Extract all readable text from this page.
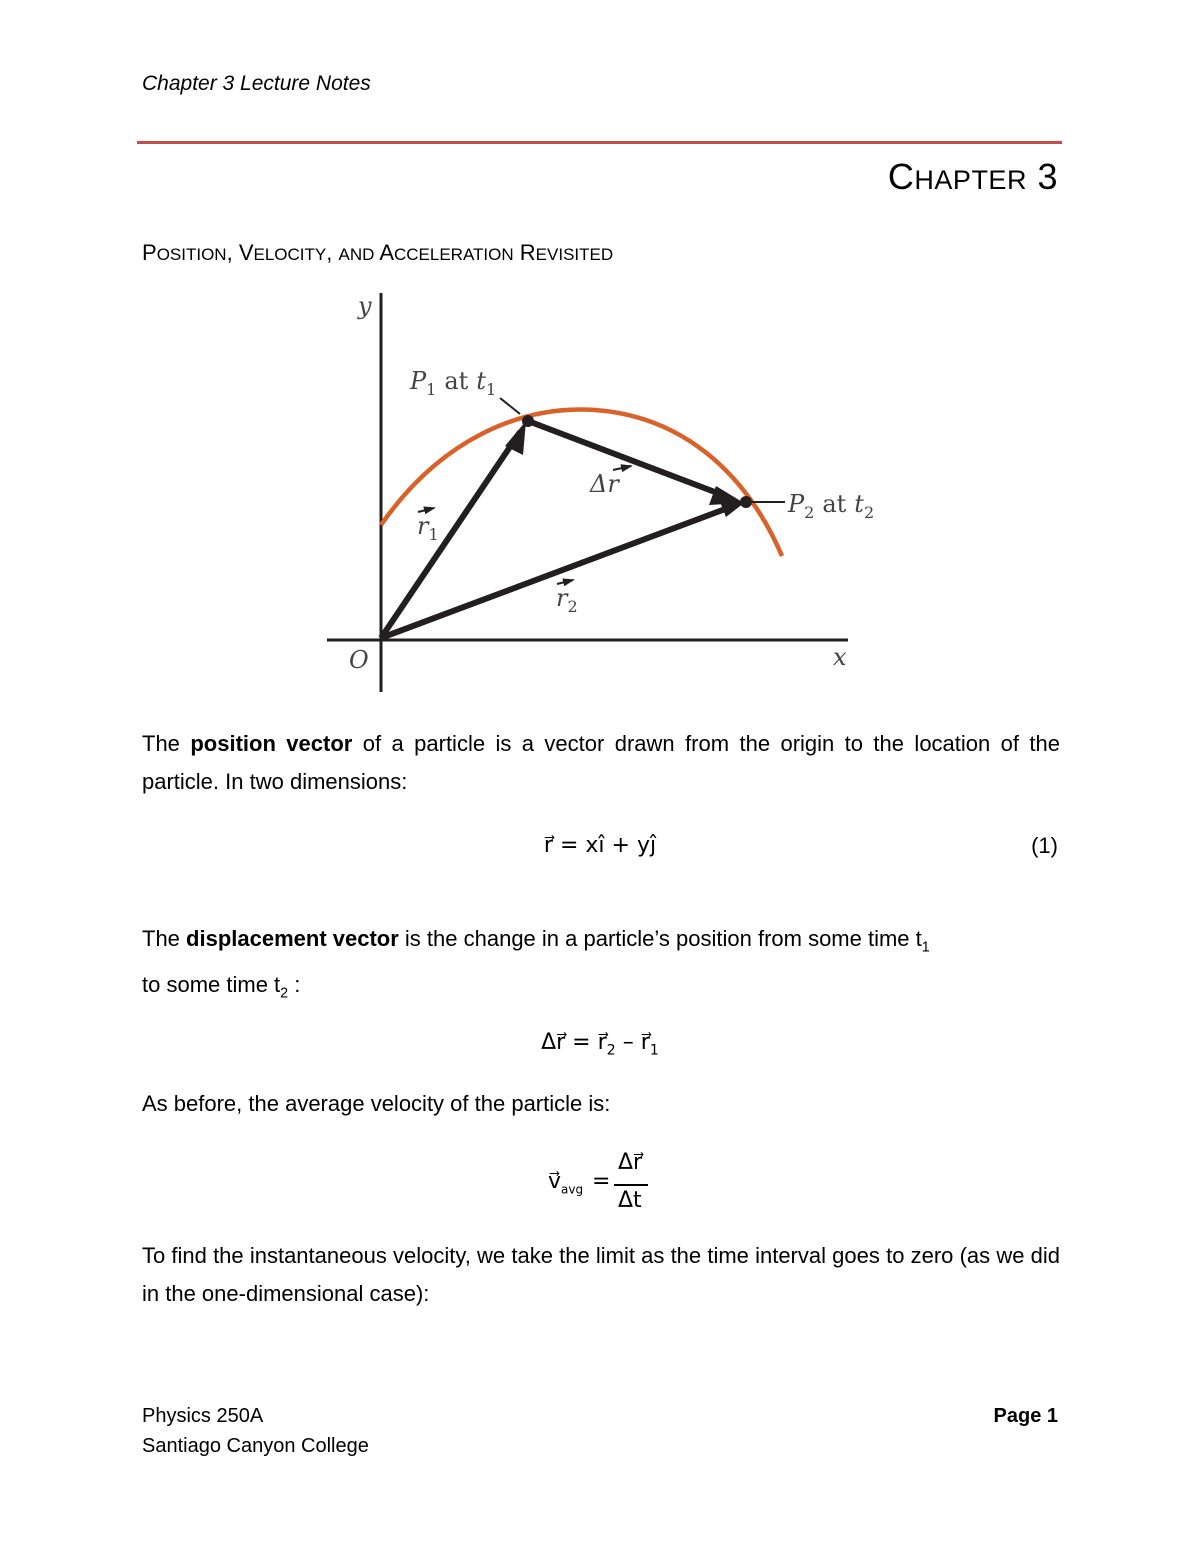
Chapter 3 Lecture Notes
CHAPTER 3
POSITION, VELOCITY, AND ACCELERATION REVISITED
y
x
O
$P_1$ at $t_1$
$P_2$ at $t_2$
$r_1$
$r_2$
Δr
The position vector of a particle is a vector drawn from the origin to the location of the particle. In two dimensions:
r⃗ = xî + yĵ	(1)
The displacement vector is the change in a particle’s position from some time $t_1$
to some time $t_2$ :
Δr⃗ = $r⃗_2$ – $r⃗_1$
As before, the average velocity of the particle is:
$v⃗_{avg}$ =
Δr⃗
Δt
To find the instantaneous velocity, we take the limit as the time interval goes to zero (as we did in the one-dimensional case):
Physics 250A
Santiago Canyon College
Page 1
